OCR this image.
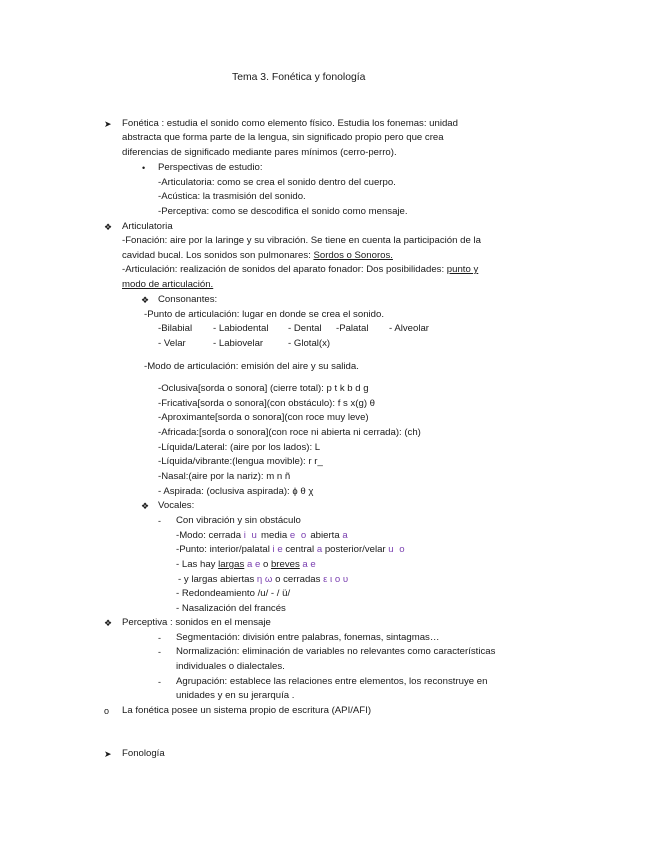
Tema 3. Fonética y fonología
➤ Fonética : estudia el sonido como elemento físico. Estudia los fonemas: unidad
abstracta que forma parte de la lengua, sin significado propio pero que crea
diferencias de significado mediante pares mínimos (cerro-perro).
• Perspectivas de estudio:
-Articulatoria: como se crea el sonido dentro del cuerpo.
-Acústica: la trasmisión del sonido.
-Perceptiva: como se descodifica el sonido como mensaje.
❖ Articulatoria
-Fonación: aire por la laringe y su vibración. Se tiene en cuenta la participación de la
cavidad bucal. Los sonidos son pulmonares: Sordos o Sonoros.
-Articulación: realización de sonidos del aparato fonador: Dos posibilidades: punto y
modo de articulación.
❖ Consonantes:
-Punto de articulación: lugar en donde se crea el sonido.
-Bilabial - Labiodental - Dental -Palatal - Alveolar
- Velar	- Labiovelar	- Glotal(x)
-Modo de articulación: emisión del aire y su salida.
-Oclusiva[sorda o sonora] (cierre total): p t k b d g
-Fricativa[sorda o sonora](con obstáculo): f s x(g) θ
-Aproximante[sorda o sonora](con roce muy leve)
-Africada:[sorda o sonora](con roce ni abierta ni cerrada): (ch)
-Líquida/Lateral: (aire por los lados): L
-Líquida/vibrante:(lengua movible): r r_
-Nasal:(aire por la nariz): m n ñ
- Aspirada: (oclusiva aspirada): ɸ θ χ
❖ Vocales:
- Con vibración y sin obstáculo
-Modo: cerrada i u media e o abierta a
-Punto: interior/palatal i e central a posterior/velar u o
- Las hay largas a e o breves a e
- y largas abiertas η ω o cerradas ε ι ο υ
- Redondeamiento /u/ - / ü/
- Nasalización del francés
❖ Perceptiva : sonidos en el mensaje
- Segmentación: división entre palabras, fonemas, sintagmas…
- Normalización: eliminación de variables no relevantes como características
individuales o dialectales.
- Agrupación: establece las relaciones entre elementos, los reconstruye en
unidades y en su jerarquía .
o La fonética posee un sistema propio de escritura (API/AFI)
➤ Fonología
